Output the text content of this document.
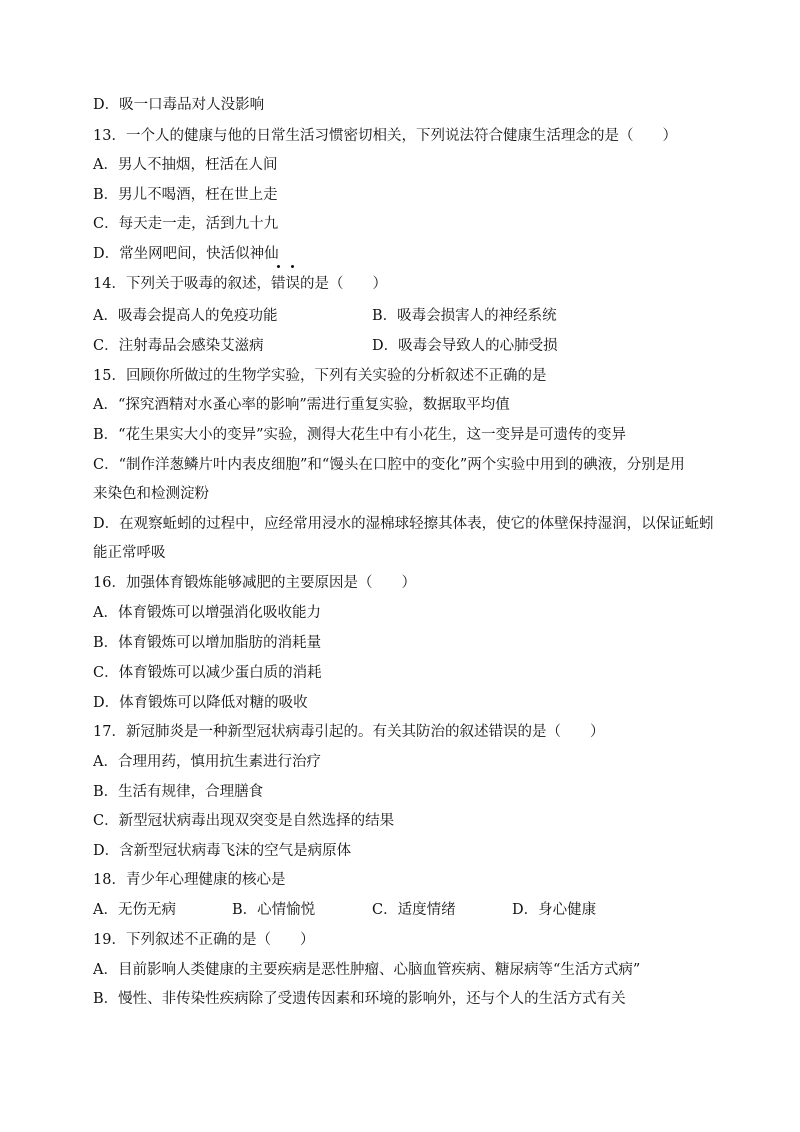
D．吸一口毒品对人没影响
13．一个人的健康与他的日常生活习惯密切相关，下列说法符合健康生活理念的是（　　）
A．男人不抽烟，枉活在人间
B．男儿不喝酒，枉在世上走
C．每天走一走，活到九十九
D．常坐网吧间，快活似神仙
14．下列关于吸毒的叙述，
错
误的是（　　）
A．吸毒会提高人的免疫功能	B．吸毒会损害人的神经系统
C．注射毒品会感染艾滋病	D．吸毒会导致人的心肺受损
15．回顾你所做过的生物学实验，下列有关实验的分析叙述不正确的是
A．“探究酒精对水蚤心率的影响”需进行重复实验，数据取平均值
B．“花生果实大小的变异”实验，测得大花生中有小花生，这一变异是可遗传的变异
C．“制作洋葱鳞片叶内表皮细胞”和“馒头在口腔中的变化”两个实验中用到的碘液，分别是用
来染色和检测淀粉
D．在观察蚯蚓的过程中，应经常用浸水的湿棉球轻擦其体表，使它的体壁保持湿润，以保证蚯蚓
能正常呼吸
16．加强体育锻炼能够减肥的主要原因是（　　）
A．体育锻炼可以增强消化吸收能力
B．体育锻炼可以增加脂肪的消耗量
C．体育锻炼可以减少蛋白质的消耗
D．体育锻炼可以降低对糖的吸收
17．新冠肺炎是一种新型冠状病毒引起的。有关其防治的叙述错误的是（　　）
A．合理用药，慎用抗生素进行治疗
B．生活有规律，合理膳食
C．新型冠状病毒出现双突变是自然选择的结果
D．含新型冠状病毒飞沫的空气是病原体
18．青少年心理健康的核心是
A．无伤无病	B．心情愉悦	C．适度情绪	D．身心健康
19．下列叙述不正确的是（　　）
A．目前影响人类健康的主要疾病是恶性肿瘤、心脑血管疾病、糖尿病等“生活方式病”
B．慢性、非传染性疾病除了受遗传因素和环境的影响外，还与个人的生活方式有关
